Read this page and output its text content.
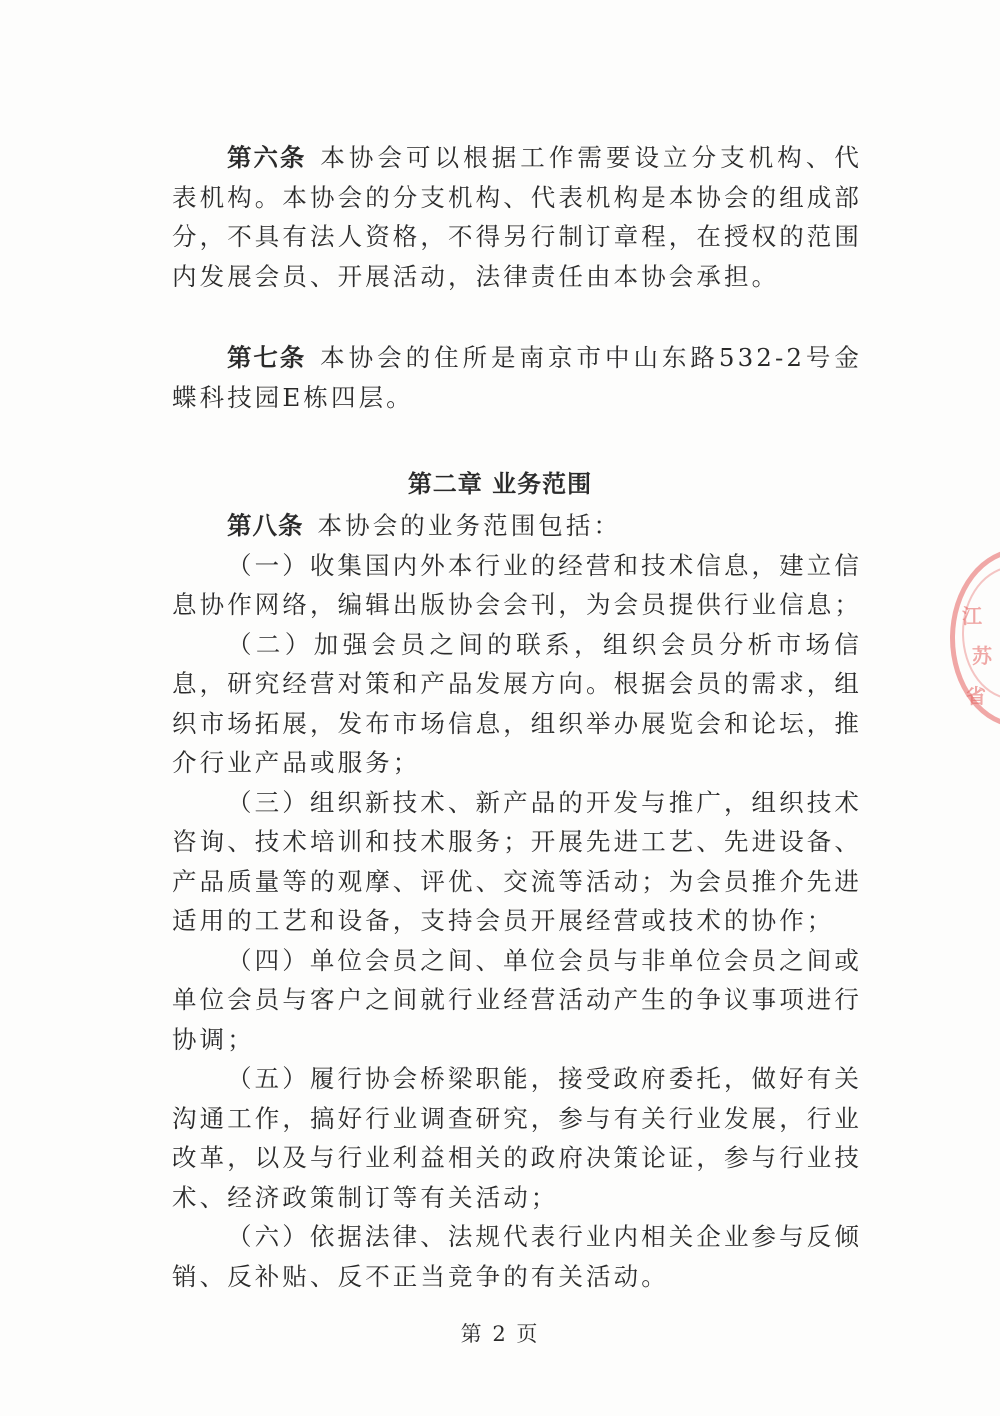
第六条 本协会可以根据工作需要设立分支机构、代表机构。本协会的分支机构、代表机构是本协会的组成部分，不具有法人资格，不得另行制订章程，在授权的范围内发展会员、开展活动，法律责任由本协会承担。

第七条 本协会的住所是南京市中山东路532-2号金蝶科技园E栋四层。

第二章 业务范围

第八条 本协会的业务范围包括：

（一）收集国内外本行业的经营和技术信息，建立信息协作网络，编辑出版协会会刊，为会员提供行业信息；

（二）加强会员之间的联系，组织会员分析市场信息，研究经营对策和产品发展方向。根据会员的需求，组织市场拓展，发布市场信息，组织举办展览会和论坛，推介行业产品或服务；

（三）组织新技术、新产品的开发与推广，组织技术咨询、技术培训和技术服务；开展先进工艺、先进设备、产品质量等的观摩、评优、交流等活动；为会员推介先进适用的工艺和设备，支持会员开展经营或技术的协作；

（四）单位会员之间、单位会员与非单位会员之间或单位会员与客户之间就行业经营活动产生的争议事项进行协调；

（五）履行协会桥梁职能，接受政府委托，做好有关沟通工作，搞好行业调查研究，参与有关行业发展，行业改革，以及与行业利益相关的政府决策论证，参与行业技术、经济政策制订等有关活动；

（六）依据法律、法规代表行业内相关企业参与反倾销、反补贴、反不正当竞争的有关活动。

第 2 页
江
苏
省
